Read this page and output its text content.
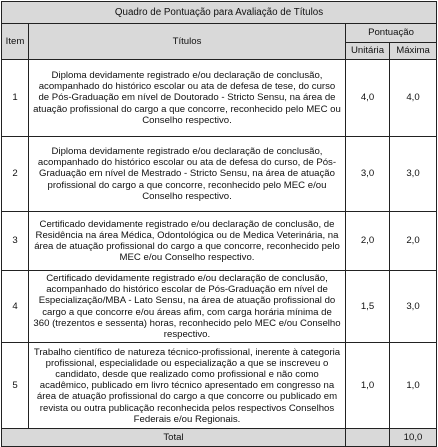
Quadro de Pontuação para Avaliação de Títulos			
Item	Títulos	Pontuação	
		Unitária	Máxima
1	Diploma devidamente registrado e/ou declaração de conclusão, acompanhado do histórico escolar ou ata de defesa de tese, do curso de Pós-Graduação em nível de Doutorado - Stricto Sensu, na área de atuação profissional do cargo a que concorre, reconhecido pelo MEC ou Conselho respectivo.	4,0	4,0
2	Diploma devidamente registrado e/ou declaração de conclusão, acompanhado do histórico escolar ou ata de defesa do curso, de Pós-Graduação em nível de Mestrado - Stricto Sensu, na área de atuação profissional do cargo a que concorre, reconhecido pelo MEC e/ou Conselho respectivo.	3,0	3,0
3	Certificado devidamente registrado e/ou declaração de conclusão, de Residência na área Médica, Odontológica ou de Medica Veterinária, na área de atuação profissional do cargo a que concorre, reconhecido pelo MEC e/ou Conselho respectivo.	2,0	2,0
4	Certificado devidamente registrado e/ou declaração de conclusão, acompanhado do histórico escolar de Pós-Graduação em nível de Especialização/MBA - Lato Sensu, na área de atuação profissional do cargo a que concorre e/ou áreas afim, com carga horária mínima de 360 (trezentos e sessenta) horas, reconhecido pelo MEC e/ou Conselho respectivo.	1,5	3,0
5	Trabalho científico de natureza técnico-profissional, inerente à categoria profissional, especialidade ou especialização a que se inscreveu o candidato, desde que realizado como profissional e não como acadêmico, publicado em livro técnico apresentado em congresso na área de atuação profissional do cargo a que concorre ou publicado em revista ou outra publicação reconhecida pelos respectivos Conselhos Federais e/ou Regionais.	1,0	1,0
Total			10,0
